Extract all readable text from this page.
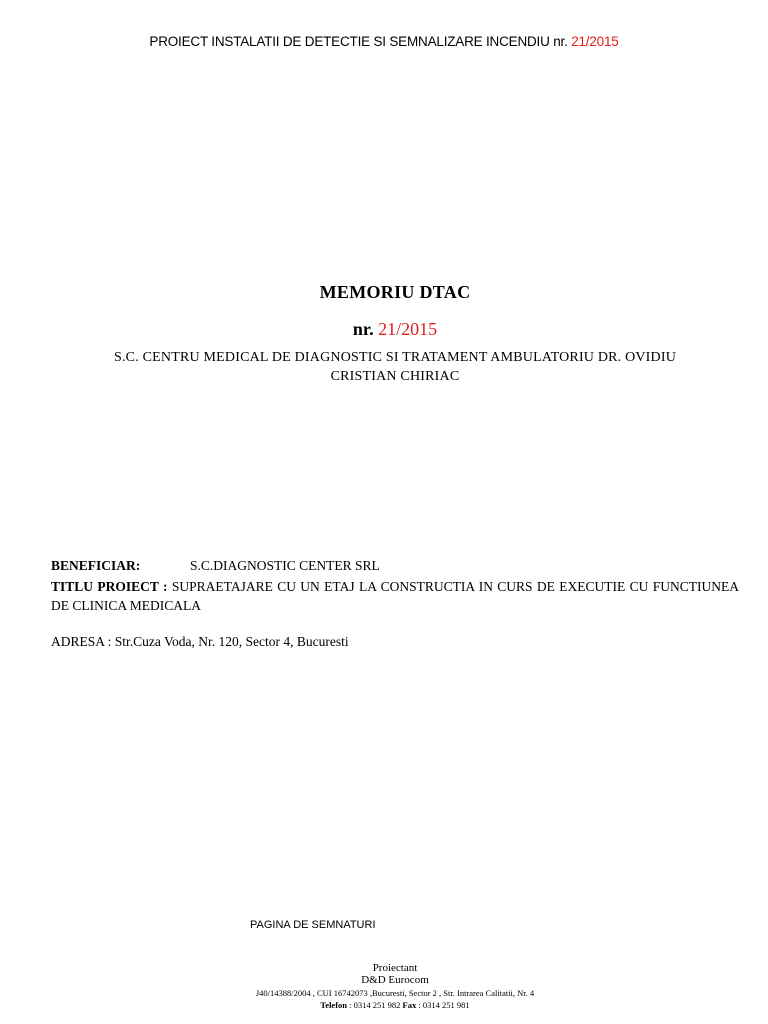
PROIECT INSTALATII DE DETECTIE SI SEMNALIZARE INCENDIU nr. 21/2015
MEMORIU DTAC
nr. 21/2015
S.C. CENTRU MEDICAL DE DIAGNOSTIC SI TRATAMENT AMBULATORIU DR. OVIDIU
CRISTIAN CHIRIAC
BENEFICIAR:	S.C.DIAGNOSTIC CENTER SRL
TITLU PROIECT : SUPRAETAJARE CU UN ETAJ LA CONSTRUCTIA IN CURS DE EXECUTIE CU FUNCTIUNEA DE CLINICA MEDICALA
ADRESA : Str.Cuza Voda, Nr. 120, Sector 4, Bucuresti
PAGINA DE SEMNATURI
Proiectant
D&D Eurocom
J40/14388/2004 , CUI 16742073 ,Bucuresti, Sector 2 , Str. Intrarea Calitatii, Nr. 4
Telefon : 0314 251 982 Fax : 0314 251 981
